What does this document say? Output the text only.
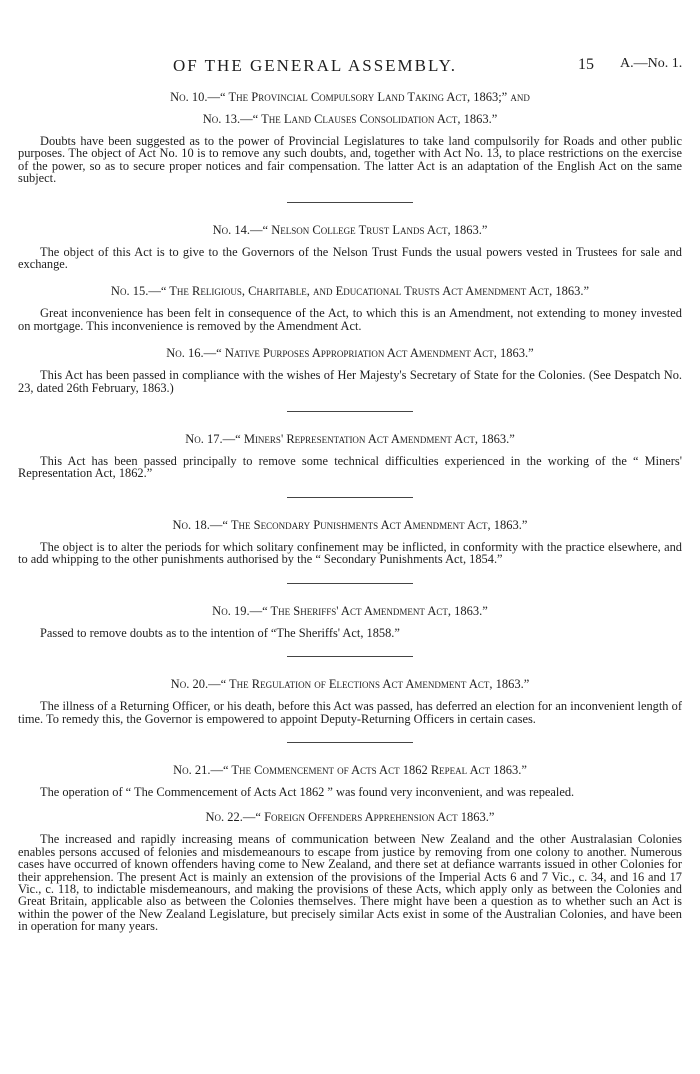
OF THE GENERAL ASSEMBLY.	15 A.—No. 1.

No. 10.—“ The Provincial Compulsory Land Taking Act, 1863;” and

No. 13.—“ The Land Clauses Consolidation Act, 1863.”

Doubts have been suggested as to the power of Provincial Legislatures to take land compulsorily for Roads and other public purposes. The object of Act No. 10 is to remove any such doubts, and, together with Act No. 13, to place restrictions on the exercise of the power, so as to secure proper notices and fair compensation. The latter Act is an adaptation of the English Act on the same subject.

No. 14.—“ Nelson College Trust Lands Act, 1863.”

The object of this Act is to give to the Governors of the Nelson Trust Funds the usual powers vested in Trustees for sale and exchange.

No. 15.—“ The Religious, Charitable, and Educational Trusts Act Amendment Act, 1863.”

Great inconvenience has been felt in consequence of the Act, to which this is an Amendment, not extending to money invested on mortgage. This inconvenience is removed by the Amendment Act.

No. 16.—“ Native Purposes Appropriation Act Amendment Act, 1863.”

This Act has been passed in compliance with the wishes of Her Majesty's Secretary of State for the Colonies. (See Despatch No. 23, dated 26th February, 1863.)

No. 17.—“ Miners' Representation Act Amendment Act, 1863.”

This Act has been passed principally to remove some technical difficulties experienced in the working of the “ Miners' Representation Act, 1862.”

No. 18.—“ The Secondary Punishments Act Amendment Act, 1863.”

The object is to alter the periods for which solitary confinement may be inflicted, in conformity with the practice elsewhere, and to add whipping to the other punishments authorised by the “ Secondary Punishments Act, 1854.”

No. 19.—“ The Sheriffs' Act Amendment Act, 1863.”

Passed to remove doubts as to the intention of “The Sheriffs' Act, 1858.”

No. 20.—“ The Regulation of Elections Act Amendment Act, 1863.”

The illness of a Returning Officer, or his death, before this Act was passed, has deferred an election for an inconvenient length of time. To remedy this, the Governor is empowered to appoint Deputy-Returning Officers in certain cases.

No. 21.—“ The Commencement of Acts Act 1862 Repeal Act 1863.”

The operation of “ The Commencement of Acts Act 1862 ” was found very inconvenient, and was repealed.

No. 22.—“ Foreign Offenders Apprehension Act 1863.”

The increased and rapidly increasing means of communication between New Zealand and the other Australasian Colonies enables persons accused of felonies and misdemeanours to escape from justice by removing from one colony to another. Numerous cases have occurred of known offenders having come to New Zealand, and there set at defiance warrants issued in other Colonies for their apprehension. The present Act is mainly an extension of the provisions of the Imperial Acts 6 and 7 Vic., c. 34, and 16 and 17 Vic., c. 118, to indictable misdemeanours, and making the provisions of these Acts, which apply only as between the Colonies and Great Britain, applicable also as between the Colonies themselves. There might have been a question as to whether such an Act is within the power of the New Zealand Legislature, but precisely similar Acts exist in some of the Australian Colonies, and have been in operation for many years.
